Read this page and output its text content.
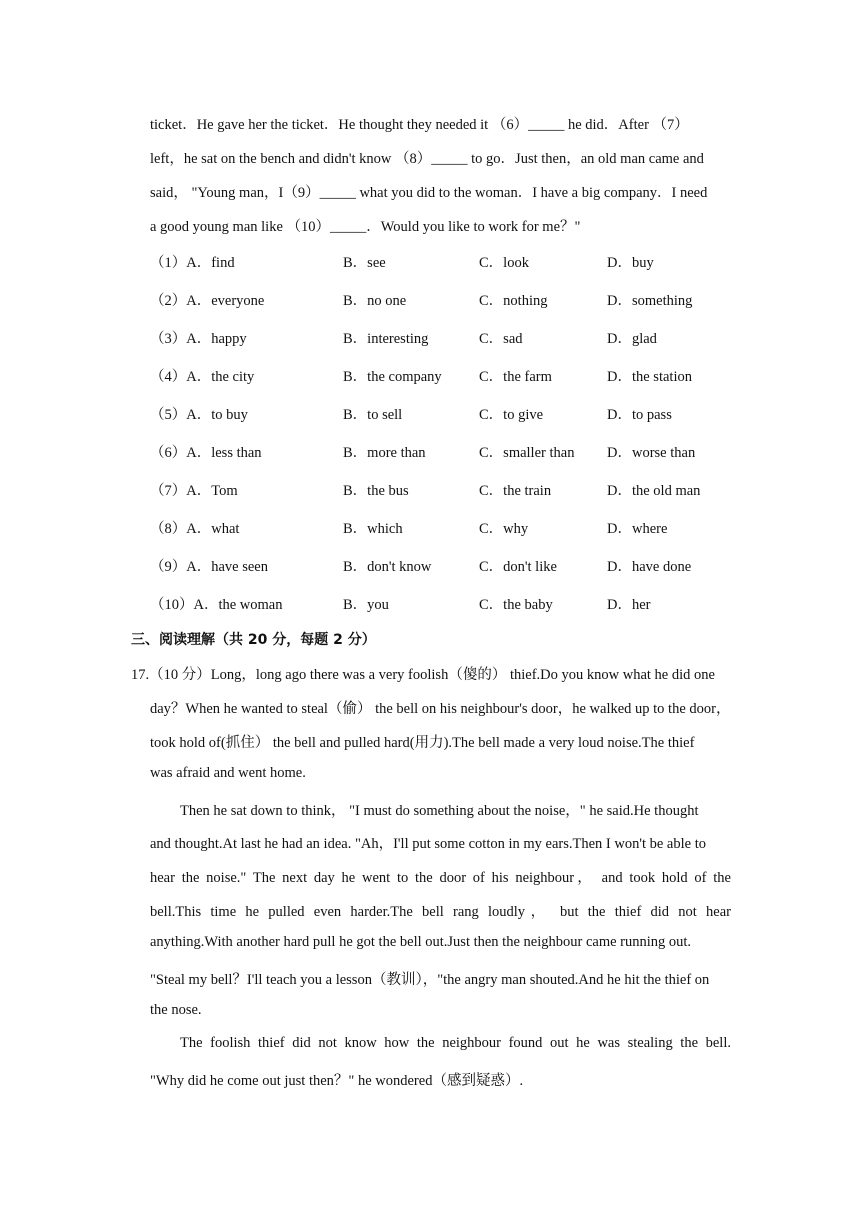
ticket．He gave her the ticket．He thought they needed it （6）_____ he did．After （7）
left，he sat on the bench and didn't know （8）_____ to go．Just then，an old man came and
said， "Young man，I（9）_____ what you did to the woman．I have a big company．I need
a good young man like （10）_____．Would you like to work for me？"
（1）A．find	B．see	C．look	D．buy
（2）A．everyone	B．no one	C．nothing	D．something
（3）A．happy	B．interesting	C．sad	D．glad
（4）A．the city	B．the company	C．the farm	D．the station
（5）A．to buy	B．to sell	C．to give	D．to pass
（6）A．less than	B．more than	C．smaller than D．worse than
（7）A．Tom	B．the bus	C．the train	D．the old man
（8）A．what	B．which	C．why	D．where
（9）A．have seen	B．don't know	C．don't like	D．have done
（10）A．the woman	B．you	C．the baby	D．her
三、阅读理解（共 20 分，每题 2 分）
17.（10 分）Long，long ago there was a very foolish（傻的） thief.Do you know what he did one
day？When he wanted to steal（偷） the bell on his neighbour's door，he walked up to the door，
took hold of(抓住） the bell and pulled hard(用力).The bell made a very loud noise.The thief
was afraid and went home.
Then he sat down to think， "I must do something about the noise，" he said.He thought
and thought.At last he had an idea. "Ah，I'll put some cotton in my ears.Then I won't be able to
hear the noise." The next day he went to the door of his neighbour， and took hold of the
bell.This time he pulled even harder.The bell rang loudly， but the thief did not hear
anything.With another hard pull he got the bell out.Just then the neighbour came running out.
"Steal my bell？I'll teach you a lesson（教训），"the angry man shouted.And he hit the thief on
the nose.
The foolish thief did not know how the neighbour found out he was stealing the bell.
"Why did he come out just then？" he wondered（感到疑惑）.
